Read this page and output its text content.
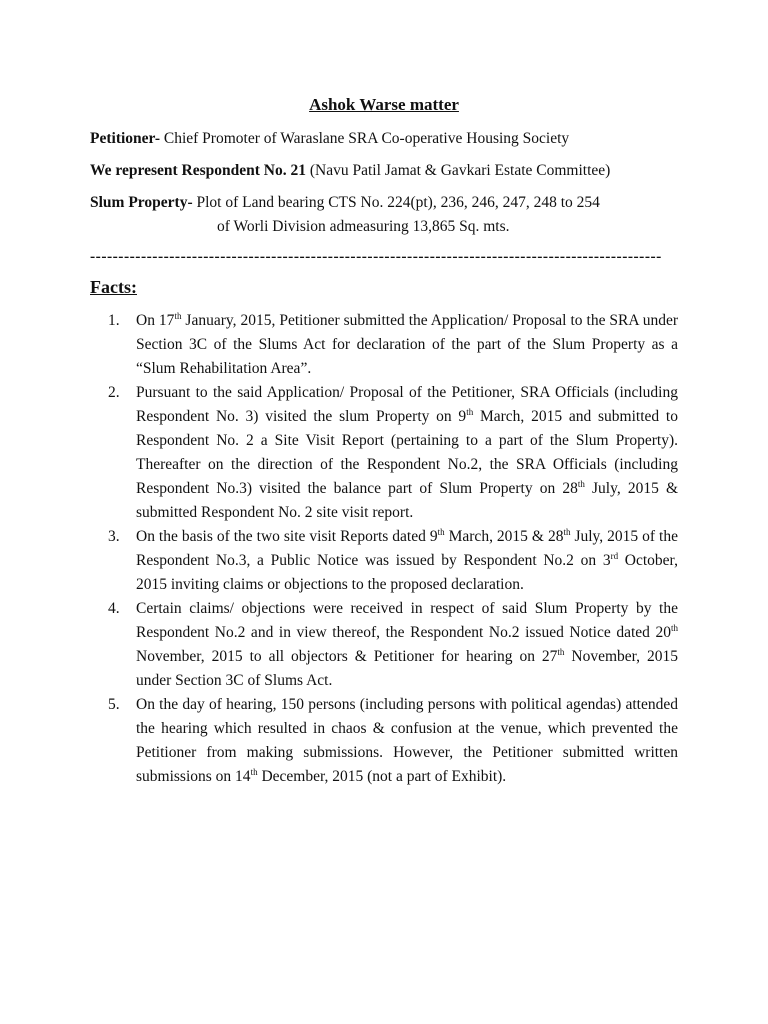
Ashok Warse matter
Petitioner- Chief Promoter of Waraslane SRA Co-operative Housing Society
We represent Respondent No. 21 (Navu Patil Jamat & Gavkari Estate Committee)
Slum Property- Plot of Land bearing CTS No. 224(pt), 236, 246, 247, 248 to 254
of Worli Division admeasuring 13,865 Sq. mts.
-----------------------------------------------------------------------------------------------------
Facts:
1. On 17th January, 2015, Petitioner submitted the Application/ Proposal to the SRA under Section 3C of the Slums Act for declaration of the part of the Slum Property as a “Slum Rehabilitation Area”.
2. Pursuant to the said Application/ Proposal of the Petitioner, SRA Officials (including Respondent No. 3) visited the slum Property on 9th March, 2015 and submitted to Respondent No. 2 a Site Visit Report (pertaining to a part of the Slum Property). Thereafter on the direction of the Respondent No.2, the SRA Officials (including Respondent No.3) visited the balance part of Slum Property on 28th July, 2015 & submitted Respondent No. 2 site visit report.
3. On the basis of the two site visit Reports dated 9th March, 2015 & 28th July, 2015 of the Respondent No.3, a Public Notice was issued by Respondent No.2 on 3rd October, 2015 inviting claims or objections to the proposed declaration.
4. Certain claims/ objections were received in respect of said Slum Property by the Respondent No.2 and in view thereof, the Respondent No.2 issued Notice dated 20th November, 2015 to all objectors & Petitioner for hearing on 27th November, 2015 under Section 3C of Slums Act.
5. On the day of hearing, 150 persons (including persons with political agendas) attended the hearing which resulted in chaos & confusion at the venue, which prevented the Petitioner from making submissions. However, the Petitioner submitted written submissions on 14th December, 2015 (not a part of Exhibit).
